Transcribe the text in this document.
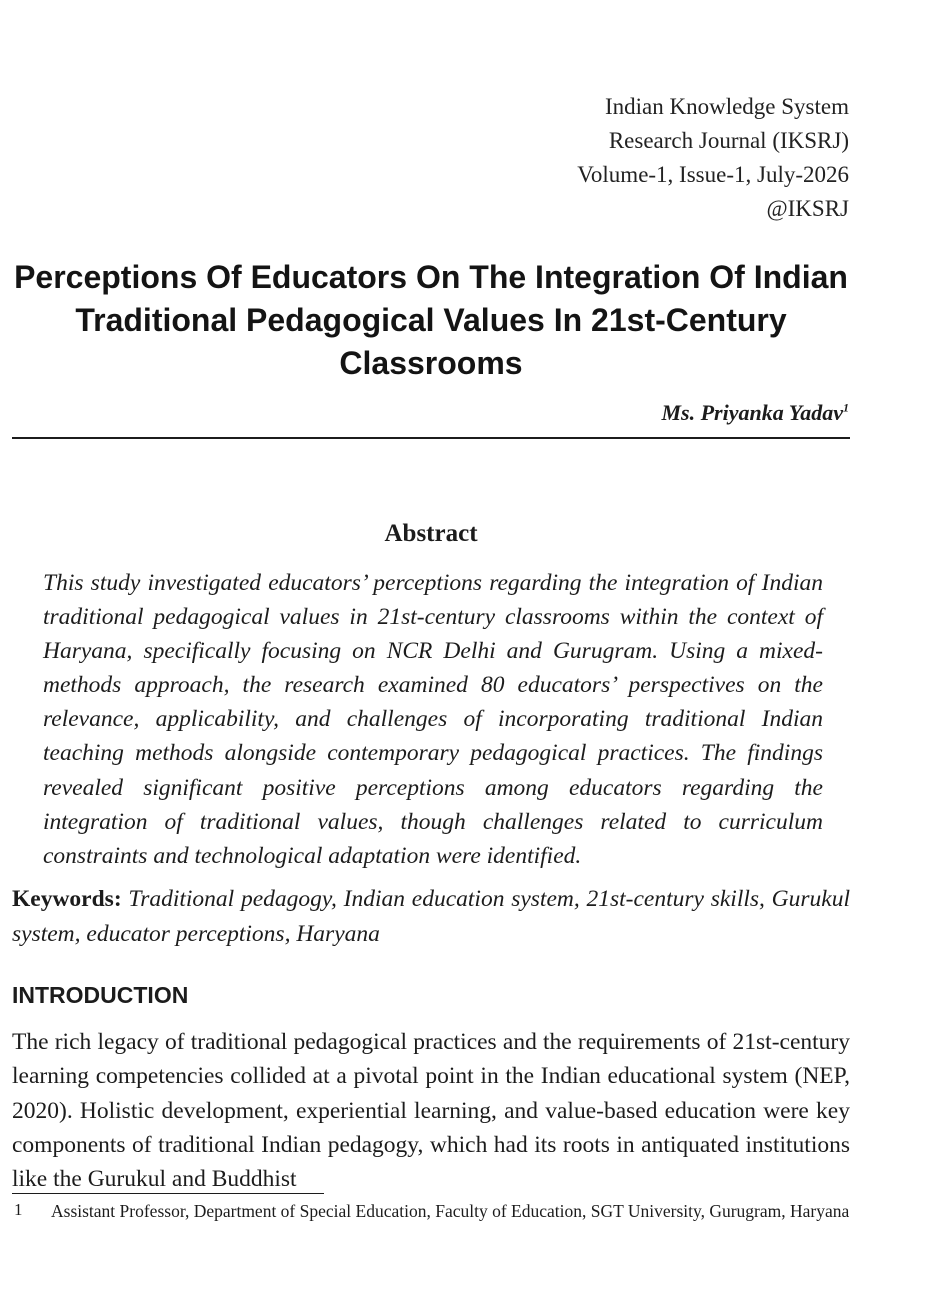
Indian Knowledge System
Research Journal (IKSRJ)
Volume-1, Issue-1, July-2026
@IKSRJ
Perceptions Of Educators On The Integration Of Indian Traditional Pedagogical Values In 21st-Century Classrooms
Ms. Priyanka Yadav$^1$
Abstract

This study investigated educators’ perceptions regarding the integration of Indian traditional pedagogical values in 21st-century classrooms within the context of Haryana, specifically focusing on NCR Delhi and Gurugram. Using a mixed-methods approach, the research examined 80 educators’ perspectives on the relevance, applicability, and challenges of incorporating traditional Indian teaching methods alongside contemporary pedagogical practices. The findings revealed significant positive perceptions among educators regarding the integration of traditional values, though challenges related to curriculum constraints and technological adaptation were identified.

Keywords: Traditional pedagogy, Indian education system, 21st-century skills, Gurukul system, educator perceptions, Haryana

INTRODUCTION

The rich legacy of traditional pedagogical practices and the requirements of 21st-century learning competencies collided at a pivotal point in the Indian educational system (NEP, 2020). Holistic development, experiential learning, and value-based education were key components of traditional Indian pedagogy, which had its roots in antiquated institutions like the Gurukul and Buddhist

1 Assistant Professor, Department of Special Education, Faculty of Education, SGT University, Gurugram, Haryana
